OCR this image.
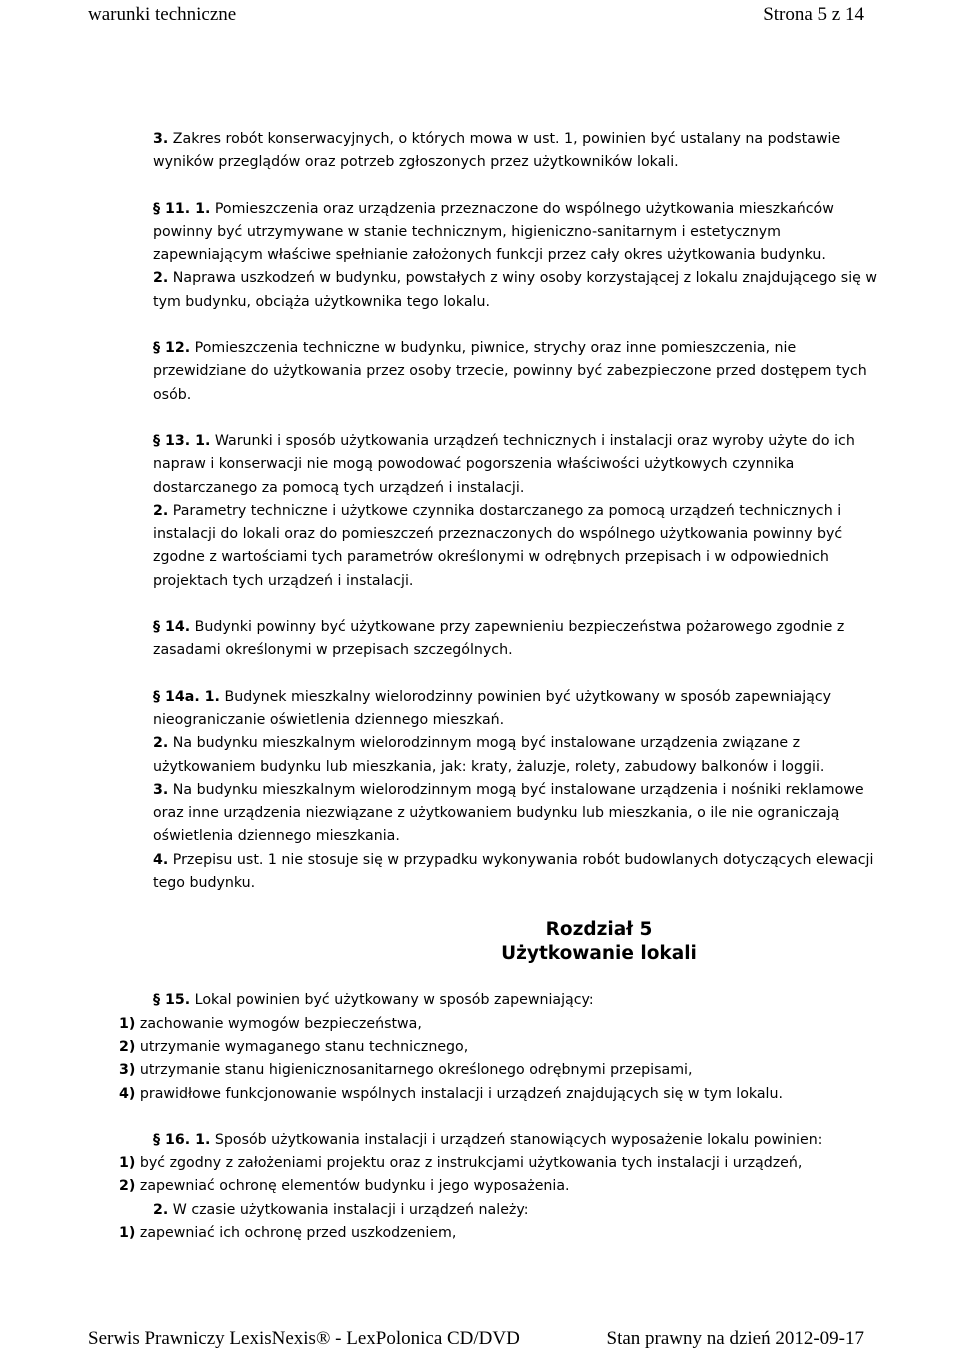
warunki techniczne	Strona 5 z 14

3. Zakres robót konserwacyjnych, o których mowa w ust. 1, powinien być ustalany na podstawie wyników przeglądów oraz potrzeb zgłoszonych przez użytkowników lokali.

§ 11. 1. Pomieszczenia oraz urządzenia przeznaczone do wspólnego użytkowania mieszkańców powinny być utrzymywane w stanie technicznym, higieniczno-sanitarnym i estetycznym zapewniającym właściwe spełnianie założonych funkcji przez cały okres użytkowania budynku.

2. Naprawa uszkodzeń w budynku, powstałych z winy osoby korzystającej z lokalu znajdującego się w tym budynku, obciąża użytkownika tego lokalu.

§ 12. Pomieszczenia techniczne w budynku, piwnice, strychy oraz inne pomieszczenia, nie przewidziane do użytkowania przez osoby trzecie, powinny być zabezpieczone przed dostępem tych osób.

§ 13. 1. Warunki i sposób użytkowania urządzeń technicznych i instalacji oraz wyroby użyte do ich napraw i konserwacji nie mogą powodować pogorszenia właściwości użytkowych czynnika dostarczanego za pomocą tych urządzeń i instalacji.

2. Parametry techniczne i użytkowe czynnika dostarczanego za pomocą urządzeń technicznych i instalacji do lokali oraz do pomieszczeń przeznaczonych do wspólnego użytkowania powinny być zgodne z wartościami tych parametrów określonymi w odrębnych przepisach i w odpowiednich projektach tych urządzeń i instalacji.

§ 14. Budynki powinny być użytkowane przy zapewnieniu bezpieczeństwa pożarowego zgodnie z zasadami określonymi w przepisach szczególnych.

§ 14a. 1. Budynek mieszkalny wielorodzinny powinien być użytkowany w sposób zapewniający nieograniczanie oświetlenia dziennego mieszkań.

2. Na budynku mieszkalnym wielorodzinnym mogą być instalowane urządzenia związane z użytkowaniem budynku lub mieszkania, jak: kraty, żaluzje, rolety, zabudowy balkonów i loggii.

3. Na budynku mieszkalnym wielorodzinnym mogą być instalowane urządzenia i nośniki reklamowe oraz inne urządzenia niezwiązane z użytkowaniem budynku lub mieszkania, o ile nie ograniczają oświetlenia dziennego mieszkania.

4. Przepisu ust. 1 nie stosuje się w przypadku wykonywania robót budowlanych dotyczących elewacji tego budynku.

Rozdział 5

Użytkowanie lokali

§ 15. Lokal powinien być użytkowany w sposób zapewniający:

1) zachowanie wymogów bezpieczeństwa,

2) utrzymanie wymaganego stanu technicznego,

3) utrzymanie stanu higienicznosanitarnego określonego odrębnymi przepisami,

4) prawidłowe funkcjonowanie wspólnych instalacji i urządzeń znajdujących się w tym lokalu.

§ 16. 1. Sposób użytkowania instalacji i urządzeń stanowiących wyposażenie lokalu powinien:

1) być zgodny z założeniami projektu oraz z instrukcjami użytkowania tych instalacji i urządzeń,

2) zapewniać ochronę elementów budynku i jego wyposażenia.

2. W czasie użytkowania instalacji i urządzeń należy:

1) zapewniać ich ochronę przed uszkodzeniem,

Serwis Prawniczy LexisNexis® - LexPolonica CD/DVD	Stan prawny na dzień 2012-09-17
